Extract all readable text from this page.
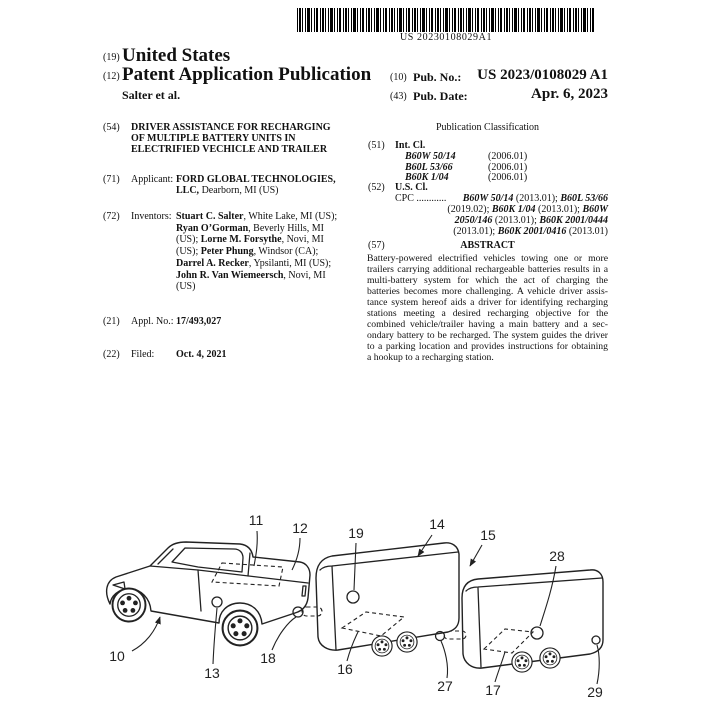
US 20230108029A1
(19) United States
(12) Patent Application Publication
Salter et al.
(10) Pub. No.: US 2023/0108029 A1
(43) Pub. Date:	Apr. 6, 2023
(54) DRIVER ASSISTANCE FOR RECHARGING
OF MULTIPLE BATTERY UNITS IN
ELECTRIFIED VECHICLE AND TRAILER
(71) Applicant: FORD GLOBAL TECHNOLOGIES,
LLC, Dearborn, MI (US)
(72) Inventors: Stuart C. Salter, White Lake, MI (US);
Ryan O’Gorman, Beverly Hills, MI
(US); Lorne M. Forsythe, Novi, MI
(US); Peter Phung, Windsor (CA);
Darrel A. Recker, Ypsilanti, MI (US);
John R. Van Wiemeersch, Novi, MI
(US)
(21) Appl. No.: 17/493,027
(22) Filed: Oct. 4, 2021
Publication Classification
(51) Int. Cl.
B60W 50/14	(2006.01)
B60L 53/66	(2006.01)
B60K 1/04	(2006.01)
(52) U.S. Cl.
CPC ............ B60W 50/14 (2013.01); B60L 53/66
(2019.02); B60K 1/04 (2013.01); B60W
2050/146 (2013.01); B60K 2001/0444
(2013.01); B60K 2001/0416 (2013.01)
(57)	ABSTRACT
Battery-powered electrified vehicles towing one or more
trailers carrying additional rechargeable batteries results in a
multi-battery system for which the act of charging the
batteries becomes more challenging. A vehicle driver assis-
tance system hereof aids a driver for identifying recharging
stations meeting a desired recharging objective for the
combined vehicle/trailer having a main battery and a sec-
ondary battery to be recharged. The system guides the driver
to a parking location and provides instructions for obtaining
a hookup to a recharging station.
11 12	19
14
15
28
10
13
18
16
27 17	29
